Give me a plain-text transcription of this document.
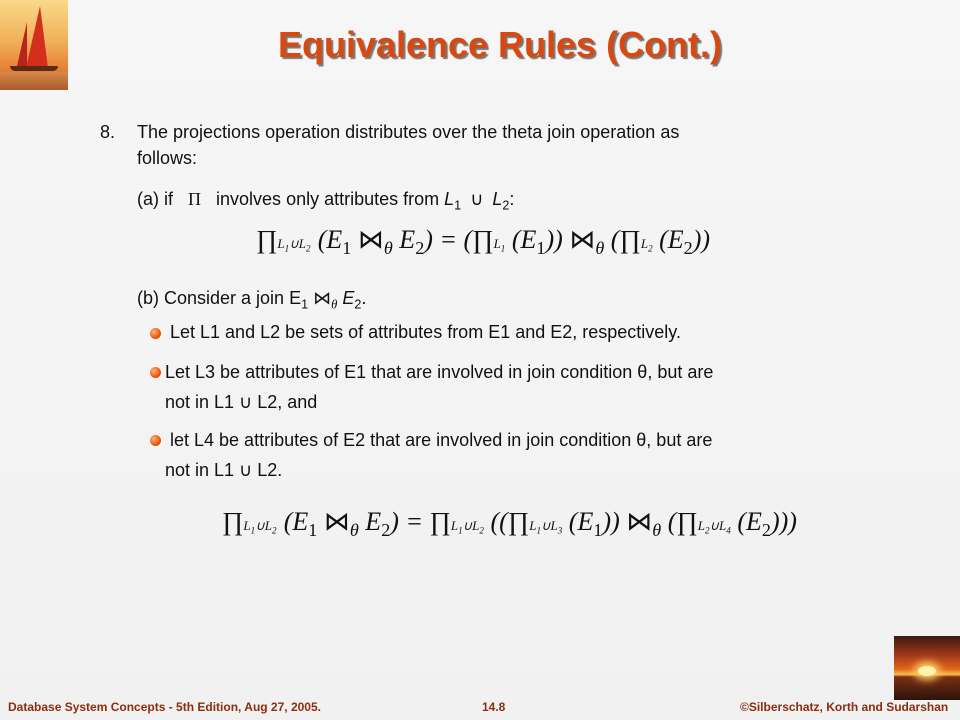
Equivalence Rules (Cont.)
8. The projections operation distributes over the theta join operation as
follows:
(a) if Π involves only attributes from $L_1$ ∪ $L_2$:
$\prod L_1\cup L_2$ ($E_1$ $⋈_\theta$ $E_2$) = ($\prod L_1$ $(E_1)$) $⋈_\theta$ ($\prod L_2$ $(E_2)$)
(b) Consider a join $E_1$ $⋈_\theta$ $E_2$.
Let L1 and L2 be sets of attributes from E1 and E2, respectively.
Let L3 be attributes of E1 that are involved in join condition θ, but are
not in L1 ∪ L2, and
let L4 be attributes of E2 that are involved in join condition θ, but are
not in L1 ∪ L2.
$\prod L_1\cup L_2$ ($E_1$ $⋈_\theta$ $E_2$) = $\prod L_1\cup L_2$ (($\prod L_1\cup L_3$ $(E_1)$) $⋈_\theta$ ($\prod L_2\cup L_4$ $(E_2)$))
Database System Concepts - 5th Edition, Aug 27, 2005.	14.8	©Silberschatz, Korth and Sudarshan
